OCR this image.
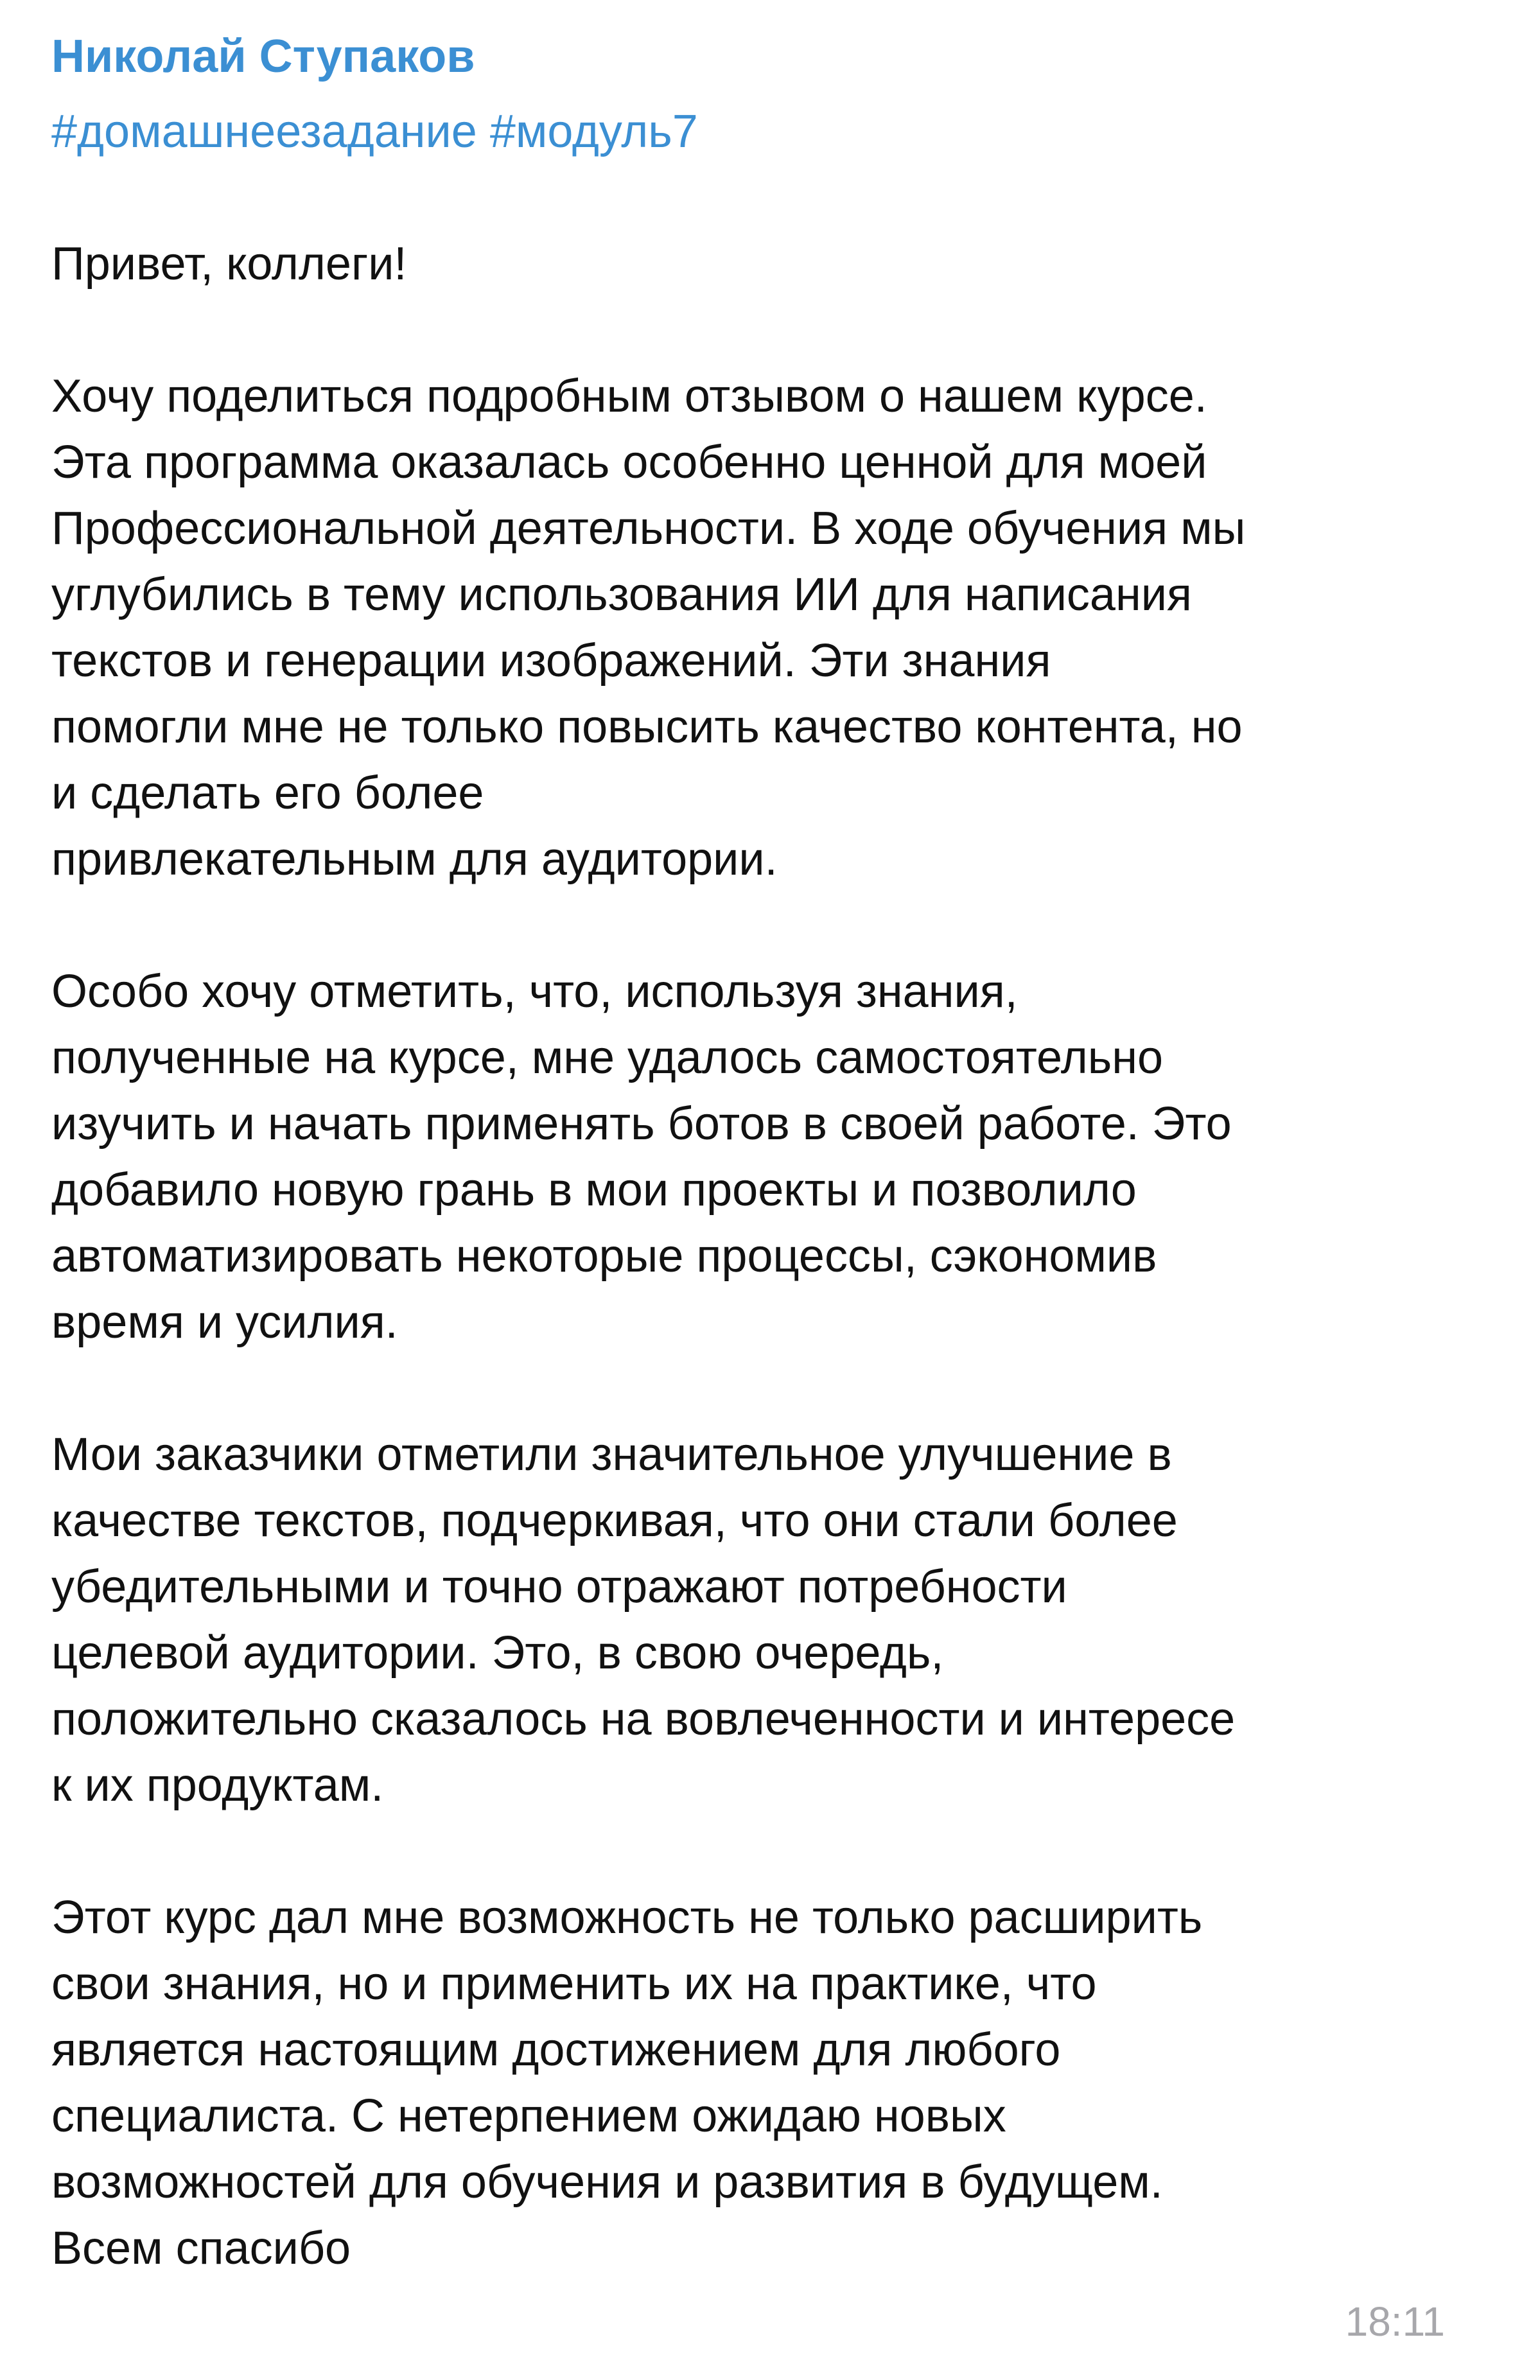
Николай Ступаков
#домашнеезадание #модуль7
Привет, коллеги!
Хочу поделиться подробным отзывом о нашем курсе.
Эта программа оказалась особенно ценной для моей
Профессиональной деятельности. В ходе обучения мы
углубились в тему использования ИИ для написания
текстов и генерации изображений. Эти знания
помогли мне не только повысить качество контента, но
и сделать его более
привлекательным для аудитории.
Особо хочу отметить, что, используя знания,
полученные на курсе, мне удалось самостоятельно
изучить и начать применять ботов в своей работе. Это
добавило новую грань в мои проекты и позволило
автоматизировать некоторые процессы, сэкономив
время и усилия.
Мои заказчики отметили значительное улучшение в
качестве текстов, подчеркивая, что они стали более
убедительными и точно отражают потребности
целевой аудитории. Это, в свою очередь,
положительно сказалось на вовлеченности и интересе
к их продуктам.
Этот курс дал мне возможность не только расширить
свои знания, но и применить их на практике, что
является настоящим достижением для любого
специалиста. С нетерпением ожидаю новых
возможностей для обучения и развития в будущем.
Всем спасибо
18:11
